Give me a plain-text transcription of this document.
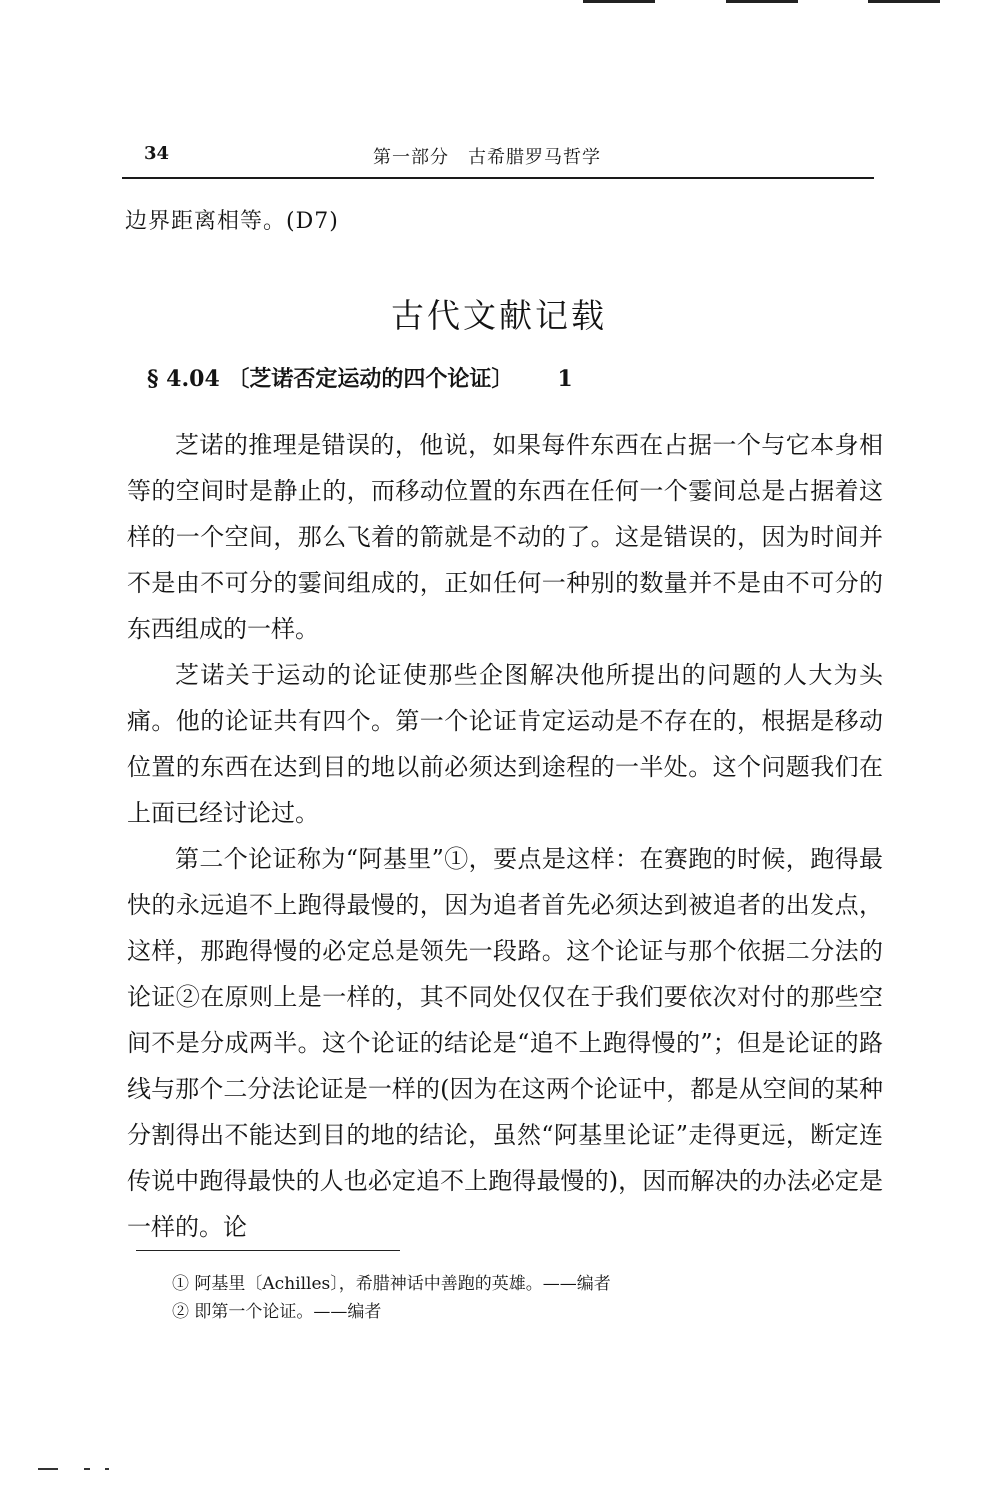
34	第一部分　古希腊罗马哲学
边界距离相等。(D7)
古代文献记载
§ 4.04 〔芝诺否定运动的四个论证〕 1

芝诺的推理是错误的，他说，如果每件东西在占据一个与它本身相等的空间时是静止的，而移动位置的东西在任何一个霎间总是占据着这样的一个空间，那么飞着的箭就是不动的了。这是错误的，因为时间并不是由不可分的霎间组成的，正如任何一种别的数量并不是由不可分的东西组成的一样。

芝诺关于运动的论证使那些企图解决他所提出的问题的人大为头痛。他的论证共有四个。第一个论证肯定运动是不存在的，根据是移动位置的东西在达到目的地以前必须达到途程的一半处。这个问题我们在上面已经讨论过。

第二个论证称为“阿基里”①，要点是这样：在赛跑的时候，跑得最快的永远追不上跑得最慢的，因为追者首先必须达到被追者的出发点，这样，那跑得慢的必定总是领先一段路。这个论证与那个依据二分法的论证②在原则上是一样的，其不同处仅仅在于我们要依次对付的那些空间不是分成两半。这个论证的结论是“追不上跑得慢的”；但是论证的路线与那个二分法论证是一样的(因为在这两个论证中，都是从空间的某种分割得出不能达到目的地的结论，虽然“阿基里论证”走得更远，断定连传说中跑得最快的人也必定追不上跑得最慢的)，因而解决的办法必定是一样的。论

① 阿基里〔Achilles〕，希腊神话中善跑的英雄。——编者
② 即第一个论证。——编者
